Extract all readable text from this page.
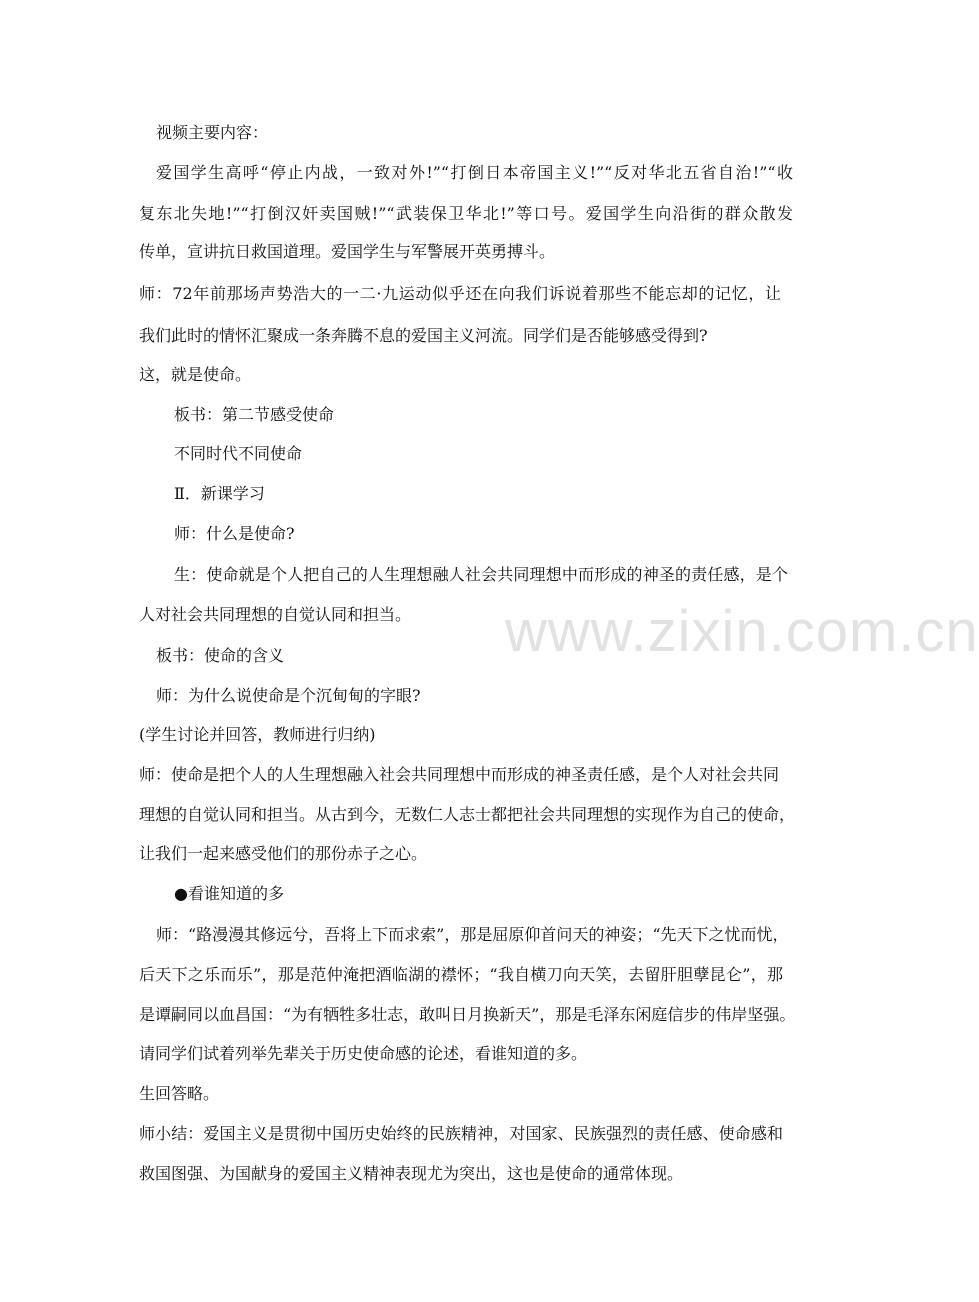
视频主要内容：
爱国学生高呼“停止内战，一致对外!”“打倒日本帝国主义!”“反对华北五省自治!”“收
复东北失地!”“打倒汉奸卖国贼!”“武装保卫华北!”等口号。爱国学生向沿街的群众散发
传单，宣讲抗日救国道理。爱国学生与军警展开英勇搏斗。
师：72年前那场声势浩大的一二·九运动似乎还在向我们诉说着那些不能忘却的记忆，让
我们此时的情怀汇聚成一条奔腾不息的爱国主义河流。同学们是否能够感受得到?
这，就是使命。
板书：第二节感受使命
不同时代不同使命
Ⅱ．新课学习
师：什么是使命?
生：使命就是个人把自己的人生理想融人社会共同理想中而形成的神圣的责任感，是个
人对社会共同理想的自觉认同和担当。
板书：使命的含义
师：为什么说使命是个沉甸甸的字眼?
(学生讨论并回答，教师进行归纳)
师：使命是把个人的人生理想融入社会共同理想中而形成的神圣责任感，是个人对社会共同
理想的自觉认同和担当。从古到今，无数仁人志士都把社会共同理想的实现作为自己的使命，
让我们一起来感受他们的那份赤子之心。
●看谁知道的多
师：“路漫漫其修远兮，吾将上下而求索”，那是屈原仰首问天的神姿；“先天下之忧而忧，
后天下之乐而乐”，那是范仲淹把酒临湖的襟怀；“我自横刀向天笑，去留肝胆孽昆仑”，那
是谭嗣同以血昌国：“为有牺牲多壮志，敢叫日月换新天”，那是毛泽东闲庭信步的伟岸坚强。
请同学们试着列举先辈关于历史使命感的论述，看谁知道的多。
生回答略。
师小结：爱国主义是贯彻中国历史始终的民族精神，对国家、民族强烈的责任感、使命感和
救国图强、为国献身的爱国主义精神表现尤为突出，这也是使命的通常体现。
www.zixin.com.cn
